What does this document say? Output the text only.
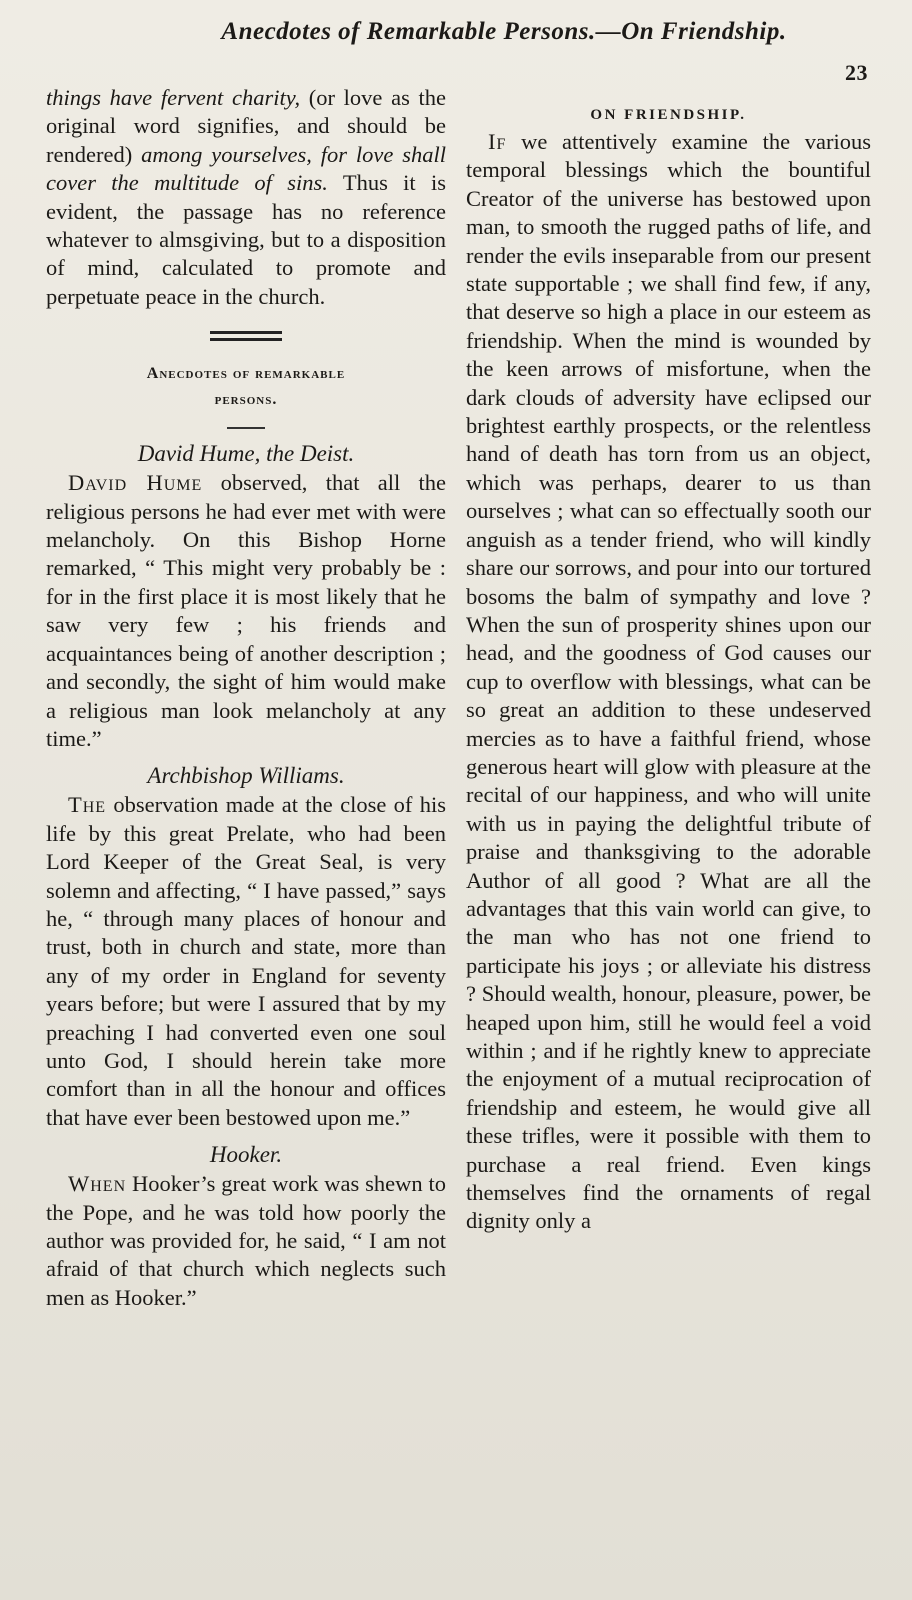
Anecdotes of Remarkable Persons.—On Friendship.
23

things have fervent charity, (or love as the original word signifies, and should be rendered) among yourselves, for love shall cover the multitude of sins. Thus it is evident, the passage has no reference whatever to almsgiving, but to a disposition of mind, calculated to promote and perpetuate peace in the church.

Anecdotes of remarkable
persons.
David Hume, the Deist.

David Hume observed, that all the religious persons he had ever met with were melancholy. On this Bishop Horne remarked, “ This might very probably be : for in the first place it is most likely that he saw very few ; his friends and acquaintances being of another description ; and secondly, the sight of him would make a religious man look melancholy at any time.”

Archbishop Williams.

The observation made at the close of his life by this great Prelate, who had been Lord Keeper of the Great Seal, is very solemn and affecting, “ I have passed,” says he, “ through many places of honour and trust, both in church and state, more than any of my order in England for seventy years before; but were I assured that by my preaching I had converted even one soul unto God, I should herein take more comfort than in all the honour and offices that have ever been bestowed upon me.”

Hooker.

When Hooker’s great work was shewn to the Pope, and he was told how poorly the author was provided for, he said, “ I am not afraid of that church which neglects such men as Hooker.”

ON FRIENDSHIP.

If we attentively examine the various temporal blessings which the bountiful Creator of the universe has bestowed upon man, to smooth the rugged paths of life, and render the evils inseparable from our present state supportable ; we shall find few, if any, that deserve so high a place in our esteem as friendship. When the mind is wounded by the keen arrows of misfortune, when the dark clouds of adversity have eclipsed our brightest earthly prospects, or the relentless hand of death has torn from us an object, which was perhaps, dearer to us than ourselves ; what can so effectually sooth our anguish as a tender friend, who will kindly share our sorrows, and pour into our tortured bosoms the balm of sympathy and love ? When the sun of prosperity shines upon our head, and the goodness of God causes our cup to overflow with blessings, what can be so great an addition to these undeserved mercies as to have a faithful friend, whose generous heart will glow with pleasure at the recital of our happiness, and who will unite with us in paying the delightful tribute of praise and thanksgiving to the adorable Author of all good ? What are all the advantages that this vain world can give, to the man who has not one friend to participate his joys ; or alleviate his distress ? Should wealth, honour, pleasure, power, be heaped upon him, still he would feel a void within ; and if he rightly knew to appreciate the enjoyment of a mutual reciprocation of friendship and esteem, he would give all these trifles, were it possible with them to purchase a real friend. Even kings themselves find the ornaments of regal dignity only a
